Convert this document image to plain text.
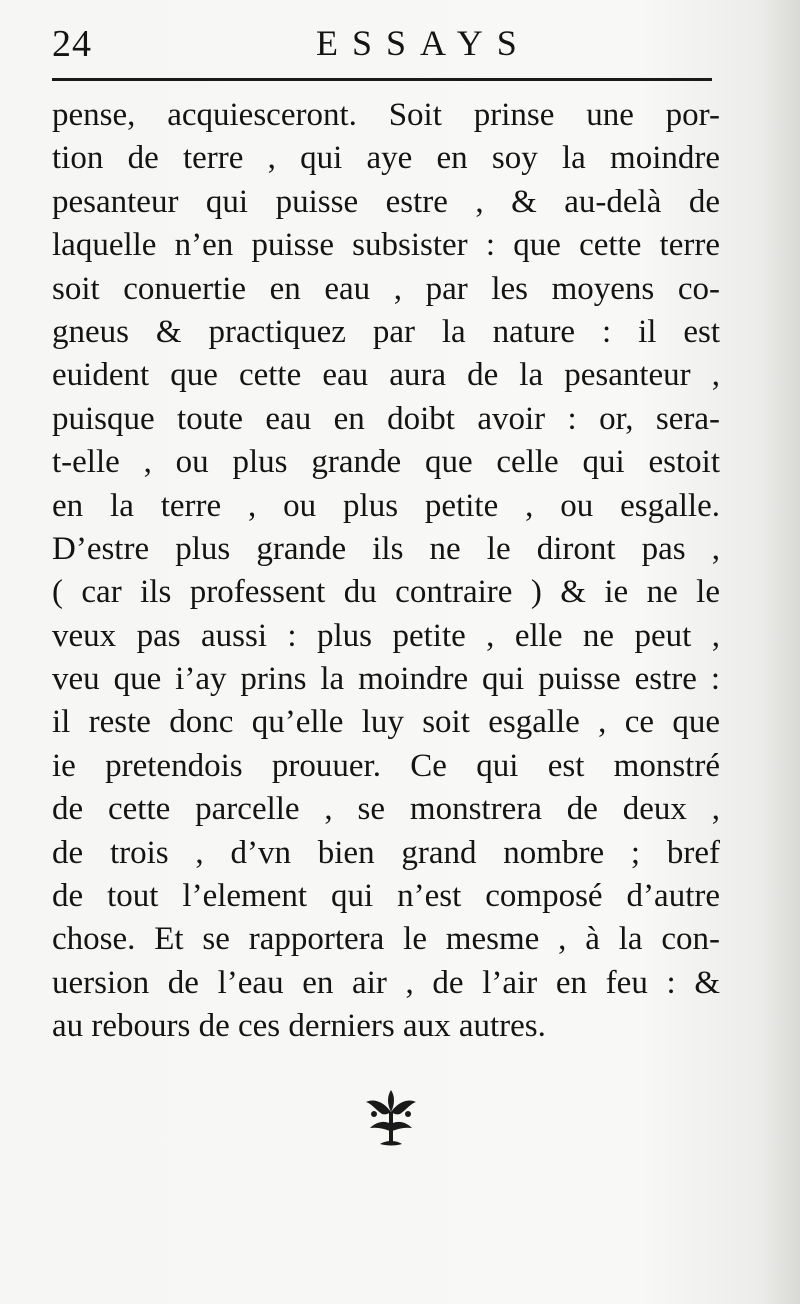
24	ESSAYS
pense, acquiesceront. Soit prinse une por-
tion de terre , qui aye en soy la moindre
pesanteur qui puisse estre , & au-delà de
laquelle n’en puisse subsister : que cette terre
soit conuertie en eau , par les moyens co-
gneus & practiquez par la nature : il est
euident que cette eau aura de la pesanteur ,
puisque toute eau en doibt avoir : or, sera-
t-elle , ou plus grande que celle qui estoit
en la terre , ou plus petite , ou esgalle.
D’estre plus grande ils ne le diront pas ,
( car ils professent du contraire ) & ie ne le
veux pas aussi : plus petite , elle ne peut ,
veu que i’ay prins la moindre qui puisse estre :
il reste donc qu’elle luy soit esgalle , ce que
ie pretendois prouuer. Ce qui est monstré
de cette parcelle , se monstrera de deux ,
de trois , d’vn bien grand nombre ; bref
de tout l’element qui n’est composé d’autre
chose. Et se rapportera le mesme , à la con-
uersion de l’eau en air , de l’air en feu : &
au rebours de ces derniers aux autres.
